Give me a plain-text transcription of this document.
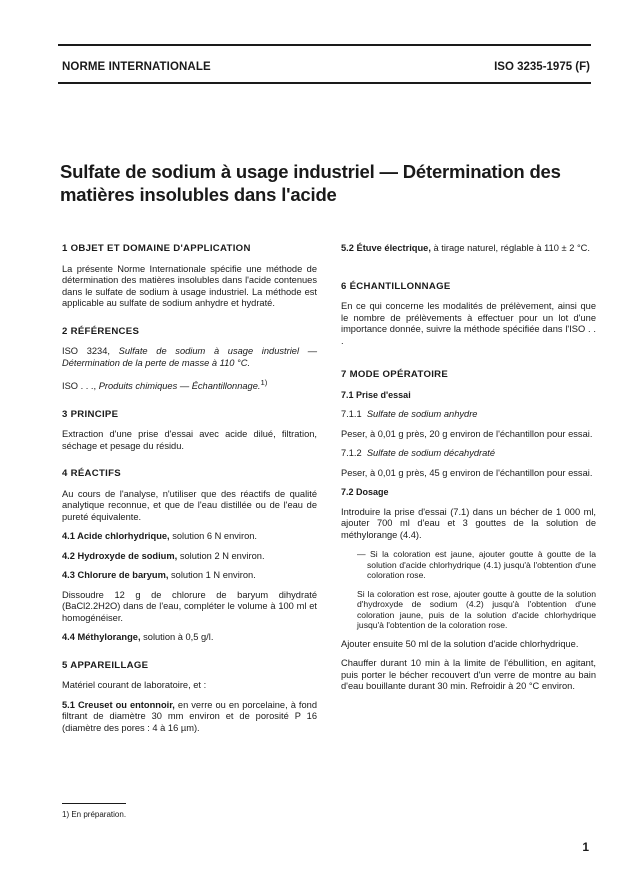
NORME INTERNATIONALE	ISO 3235-1975 (F)
Sulfate de sodium à usage industriel — Détermination des matières insolubles dans l'acide
1 OBJET ET DOMAINE D'APPLICATION

La présente Norme Internationale spécifie une méthode de détermination des matières insolubles dans l'acide contenues dans le sulfate de sodium à usage industriel. La méthode est applicable au sulfate de sodium anhydre et hydraté.

2 RÉFÉRENCES

ISO 3234, Sulfate de sodium à usage industriel — Détermination de la perte de masse à 110 °C.

ISO . . ., Produits chimiques — Échantillonnage.$^{1)}$

3 PRINCIPE

Extraction d'une prise d'essai avec acide dilué, filtration, séchage et pesage du résidu.

4 RÉACTIFS

Au cours de l'analyse, n'utiliser que des réactifs de qualité analytique reconnue, et que de l'eau distillée ou de l'eau de pureté équivalente.

4.1 Acide chlorhydrique, solution 6 N environ.

4.2 Hydroxyde de sodium, solution 2 N environ.

4.3 Chlorure de baryum, solution 1 N environ.

Dissoudre 12 g de chlorure de baryum dihydraté (BaCl2.2H2O) dans de l'eau, compléter le volume à 100 ml et homogénéiser.

4.4 Méthylorange, solution à 0,5 g/l.

5 APPAREILLAGE

Matériel courant de laboratoire, et :

5.1 Creuset ou entonnoir, en verre ou en porcelaine, à fond filtrant de diamètre 30 mm environ et de porosité P 16 (diamètre des pores : 4 à 16 µm).

5.2 Étuve électrique, à tirage naturel, réglable à 110 ± 2 °C.

6 ÉCHANTILLONNAGE

En ce qui concerne les modalités de prélèvement, ainsi que le nombre de prélèvements à effectuer pour un lot d'une importance donnée, suivre la méthode spécifiée dans l'ISO . . .

7 MODE OPÉRATOIRE
7.1 Prise d'essai

7.1.1 Sulfate de sodium anhydre

Peser, à 0,01 g près, 20 g environ de l'échantillon pour essai.

7.1.2 Sulfate de sodium décahydraté

Peser, à 0,01 g près, 45 g environ de l'échantillon pour essai.

7.2 Dosage

Introduire la prise d'essai (7.1) dans un bécher de 1 000 ml, ajouter 700 ml d'eau et 3 gouttes de la solution de méthylorange (4.4).

— Si la coloration est jaune, ajouter goutte à goutte de la solution d'acide chlorhydrique (4.1) jusqu'à l'obtention d'une coloration rose.

Si la coloration est rose, ajouter goutte à goutte de la solution d'hydroxyde de sodium (4.2) jusqu'à l'obtention d'une coloration jaune, puis de la solution d'acide chlorhydrique jusqu'à l'obtention de la coloration rose.

Ajouter ensuite 50 ml de la solution d'acide chlorhydrique.

Chauffer durant 10 min à la limite de l'ébullition, en agitant, puis porter le bécher recouvert d'un verre de montre au bain d'eau bouillante durant 30 min. Refroidir à 20 °C environ.

1) En préparation.
1
